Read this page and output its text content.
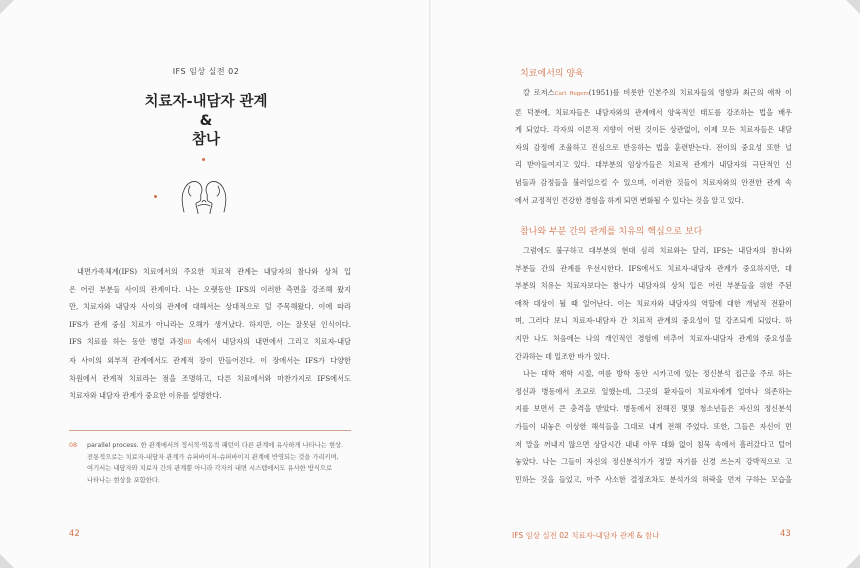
IFS 임상 실전 02
치료자-내담자 관계
&
참나
내면가족체계(IFS) 치료에서의 주요한 치료적 관계는 내담자의 참나와 상처 입
은 어린 부분들 사이의 관계이다. 나는 오랫동안 IFS의 이러한 측면을 강조해 왔지
만, 치료자와 내담자 사이의 관계에 대해서는 상대적으로 덜 주목해왔다. 이에 따라
IFS가 관계 중심 치료가 아니라는 오해가 생겨났다. 하지만, 이는 잘못된 인식이다.
IFS 치료를 하는 동안 병렬 과정08 속에서 내담자의 내면에서 그리고 치료자-내담
자 사이의 외부적 관계에서도 관계적 장이 만들어진다. 이 장에서는 IFS가 다양한
차원에서 관계적 치료라는 점을 조명하고, 다른 치료에서와 마찬가지로 IFS에서도
치료자와 내담자 관계가 중요한 이유를 설명한다.
08 parallel process. 한 관계에서의 정서적·역동적 패턴이 다른 관계에 유사하게 나타나는 현상.
전통적으로는 치료자-내담자 관계가 슈퍼바이저-슈퍼바이지 관계에 반영되는 것을 가리키며,
여기서는 내담자와 치료자 간의 관계뿐 아니라 각자의 내면 시스템에서도 유사한 방식으로
나타나는 현상을 포함한다.
42
치료에서의 양육
칼 로저스Carl Rogers(1951)를 비롯한 인본주의 치료자들의 영향과 최근의 애착 이
론 덕분에, 치료자들은 내담자와의 관계에서 양육적인 태도를 강조하는 법을 배우
게 되었다. 각자의 이론적 지향이 어떤 것이든 상관없이, 이제 모든 치료자들은 내담
자의 감정에 조율하고 진심으로 반응하는 법을 훈련받는다. 전이의 중요성 또한 널
리 받아들여지고 있다. 대부분의 임상가들은 치료적 관계가 내담자의 극단적인 신
념들과 감정들을 불러일으킬 수 있으며, 이러한 것들이 치료자와의 안전한 관계 속
에서 교정적인 건강한 경험을 하게 되면 변화될 수 있다는 것을 알고 있다.
참나와 부분 간의 관계를 치유의 핵심으로 보다
그럼에도 불구하고 대부분의 현대 심리 치료와는 달리, IFS는 내담자의 참나와
부분들 간의 관계를 우선시한다. IFS에서도 치료자-내담자 관계가 중요하지만, 대
부분의 치유는 치료자보다는 참나가 내담자의 상처 입은 어린 부분들을 위한 주된
애착 대상이 될 때 일어난다. 이는 치료자와 내담자의 역할에 대한 개념적 전환이
며, 그러다 보니 치료자-내담자 간 치료적 관계의 중요성이 덜 강조되게 되었다. 하
지만 나도 처음에는 나의 개인적인 경험에 비추어 치료자-내담자 관계의 중요성을
간과하는 데 일조한 바가 있다.
나는 대학 재학 시절, 여름 방학 동안 시카고에 있는 정신분석 접근을 주로 하는
정신과 병동에서 조교로 일했는데, 그곳의 환자들이 치료자에게 얼마나 의존하는
지를 보면서 큰 충격을 받았다. 병동에서 전해진 몇몇 청소년들은 자신의 정신분석
가들이 내놓은 이상한 해석들을 그대로 내게 전해 주었다. 또한, 그들은 자신이 먼
저 말을 꺼내지 않으면 상담시간 내내 아무 대화 없이 침묵 속에서 흘러갔다고 털어
놓았다. 나는 그들이 자신의 정신분석가가 정말 자기를 신경 쓰는지 강박적으로 고
민하는 것을 들었고, 아주 사소한 결정조차도 분석가의 허락을 먼저 구하는 모습을
IFS 임상 실전 02 치료자-내담자 관계 & 참나	43
